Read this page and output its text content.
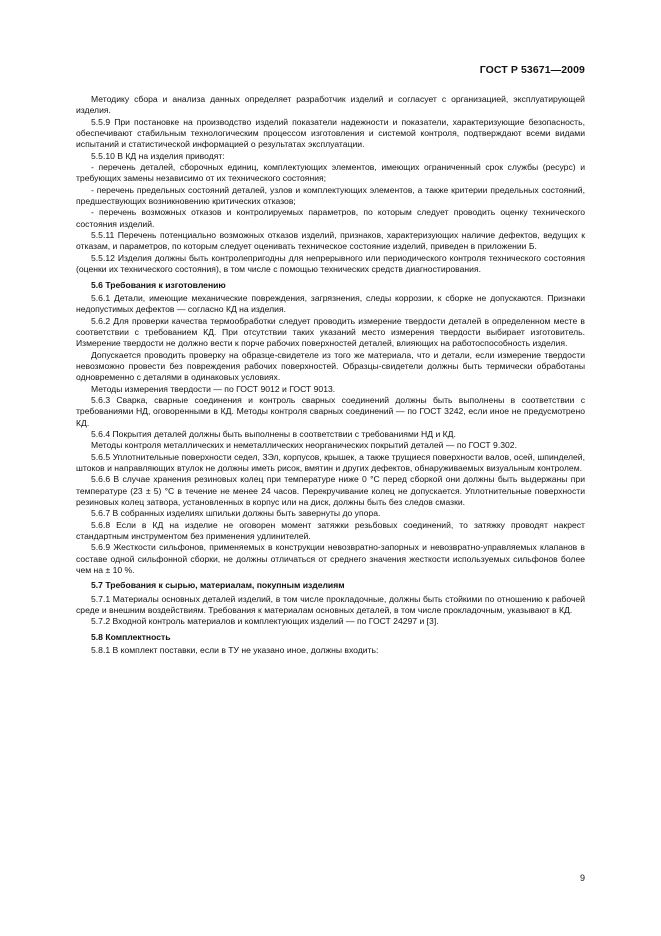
ГОСТ Р 53671—2009
Методику сбора и анализа данных определяет разработчик изделий и согласует с организацией, эксплуатирующей изделия.
5.5.9 При постановке на производство изделий показатели надежности и показатели, характеризующие безопасность, обеспечивают стабильным технологическим процессом изготовления и системой контроля, подтверждают всеми видами испытаний и статистической информацией о результатах эксплуатации.
5.5.10 В КД на изделия приводят:
- перечень деталей, сборочных единиц, комплектующих элементов, имеющих ограниченный срок службы (ресурс) и требующих замены независимо от их технического состояния;
- перечень предельных состояний деталей, узлов и комплектующих элементов, а также критерии предельных состояний, предшествующих возникновению критических отказов;
- перечень возможных отказов и контролируемых параметров, по которым следует проводить оценку технического состояния изделий.
5.5.11 Перечень потенциально возможных отказов изделий, признаков, характеризующих наличие дефектов, ведущих к отказам, и параметров, по которым следует оценивать техническое состояние изделий, приведен в приложении Б.
5.5.12 Изделия должны быть контролепригодны для непрерывного или периодического контроля технического состояния (оценки их технического состояния), в том числе с помощью технических средств диагностирования.
5.6 Требования к изготовлению
5.6.1 Детали, имеющие механические повреждения, загрязнения, следы коррозии, к сборке не допускаются. Признаки недопустимых дефектов — согласно КД на изделия.
5.6.2 Для проверки качества термообработки следует проводить измерение твердости деталей в определенном месте в соответствии с требованием КД. При отсутствии таких указаний место измерения твердости выбирает изготовитель. Измерение твердости не должно вести к порче рабочих поверхностей деталей, влияющих на работоспособность изделия.
Допускается проводить проверку на образце-свидетеле из того же материала, что и детали, если измерение твердости невозможно провести без повреждения рабочих поверхностей. Образцы-свидетели должны быть термически обработаны одновременно с деталями в одинаковых условиях.
Методы измерения твердости — по ГОСТ 9012 и ГОСТ 9013.
5.6.3 Сварка, сварные соединения и контроль сварных соединений должны быть выполнены в соответствии с требованиями НД, оговоренными в КД. Методы контроля сварных соединений — по ГОСТ 3242, если иное не предусмотрено КД.
5.6.4 Покрытия деталей должны быть выполнены в соответствии с требованиями НД и КД.
Методы контроля металлических и неметаллических неорганических покрытий деталей — по ГОСТ 9.302.
5.6.5 Уплотнительные поверхности седел, ЗЭл, корпусов, крышек, а также трущиеся поверхности валов, осей, шпинделей, штоков и направляющих втулок не должны иметь рисок, вмятин и других дефектов, обнаруживаемых визуальным контролем.
5.6.6 В случае хранения резиновых колец при температуре ниже 0 °С перед сборкой они должны быть выдержаны при температуре (23 ± 5) °С в течение не менее 24 часов. Перекручивание колец не допускается. Уплотнительные поверхности резиновых колец затвора, установленных в корпус или на диск, должны быть без следов смазки.
5.6.7 В собранных изделиях шпильки должны быть завернуты до упора.
5.6.8 Если в КД на изделие не оговорен момент затяжки резьбовых соединений, то затяжку проводят накрест стандартным инструментом без применения удлинителей.
5.6.9 Жесткости сильфонов, применяемых в конструкции невозвратно-запорных и невозвратно-управляемых клапанов в составе одной сильфонной сборки, не должны отличаться от среднего значения жесткости используемых сильфонов более чем на ± 10 %.
5.7 Требования к сырью, материалам, покупным изделиям
5.7.1 Материалы основных деталей изделий, в том числе прокладочные, должны быть стойкими по отношению к рабочей среде и внешним воздействиям. Требования к материалам основных деталей, в том числе прокладочным, указывают в КД.
5.7.2 Входной контроль материалов и комплектующих изделий — по ГОСТ 24297 и [3].
5.8 Комплектность
5.8.1 В комплект поставки, если в ТУ не указано иное, должны входить:
9
